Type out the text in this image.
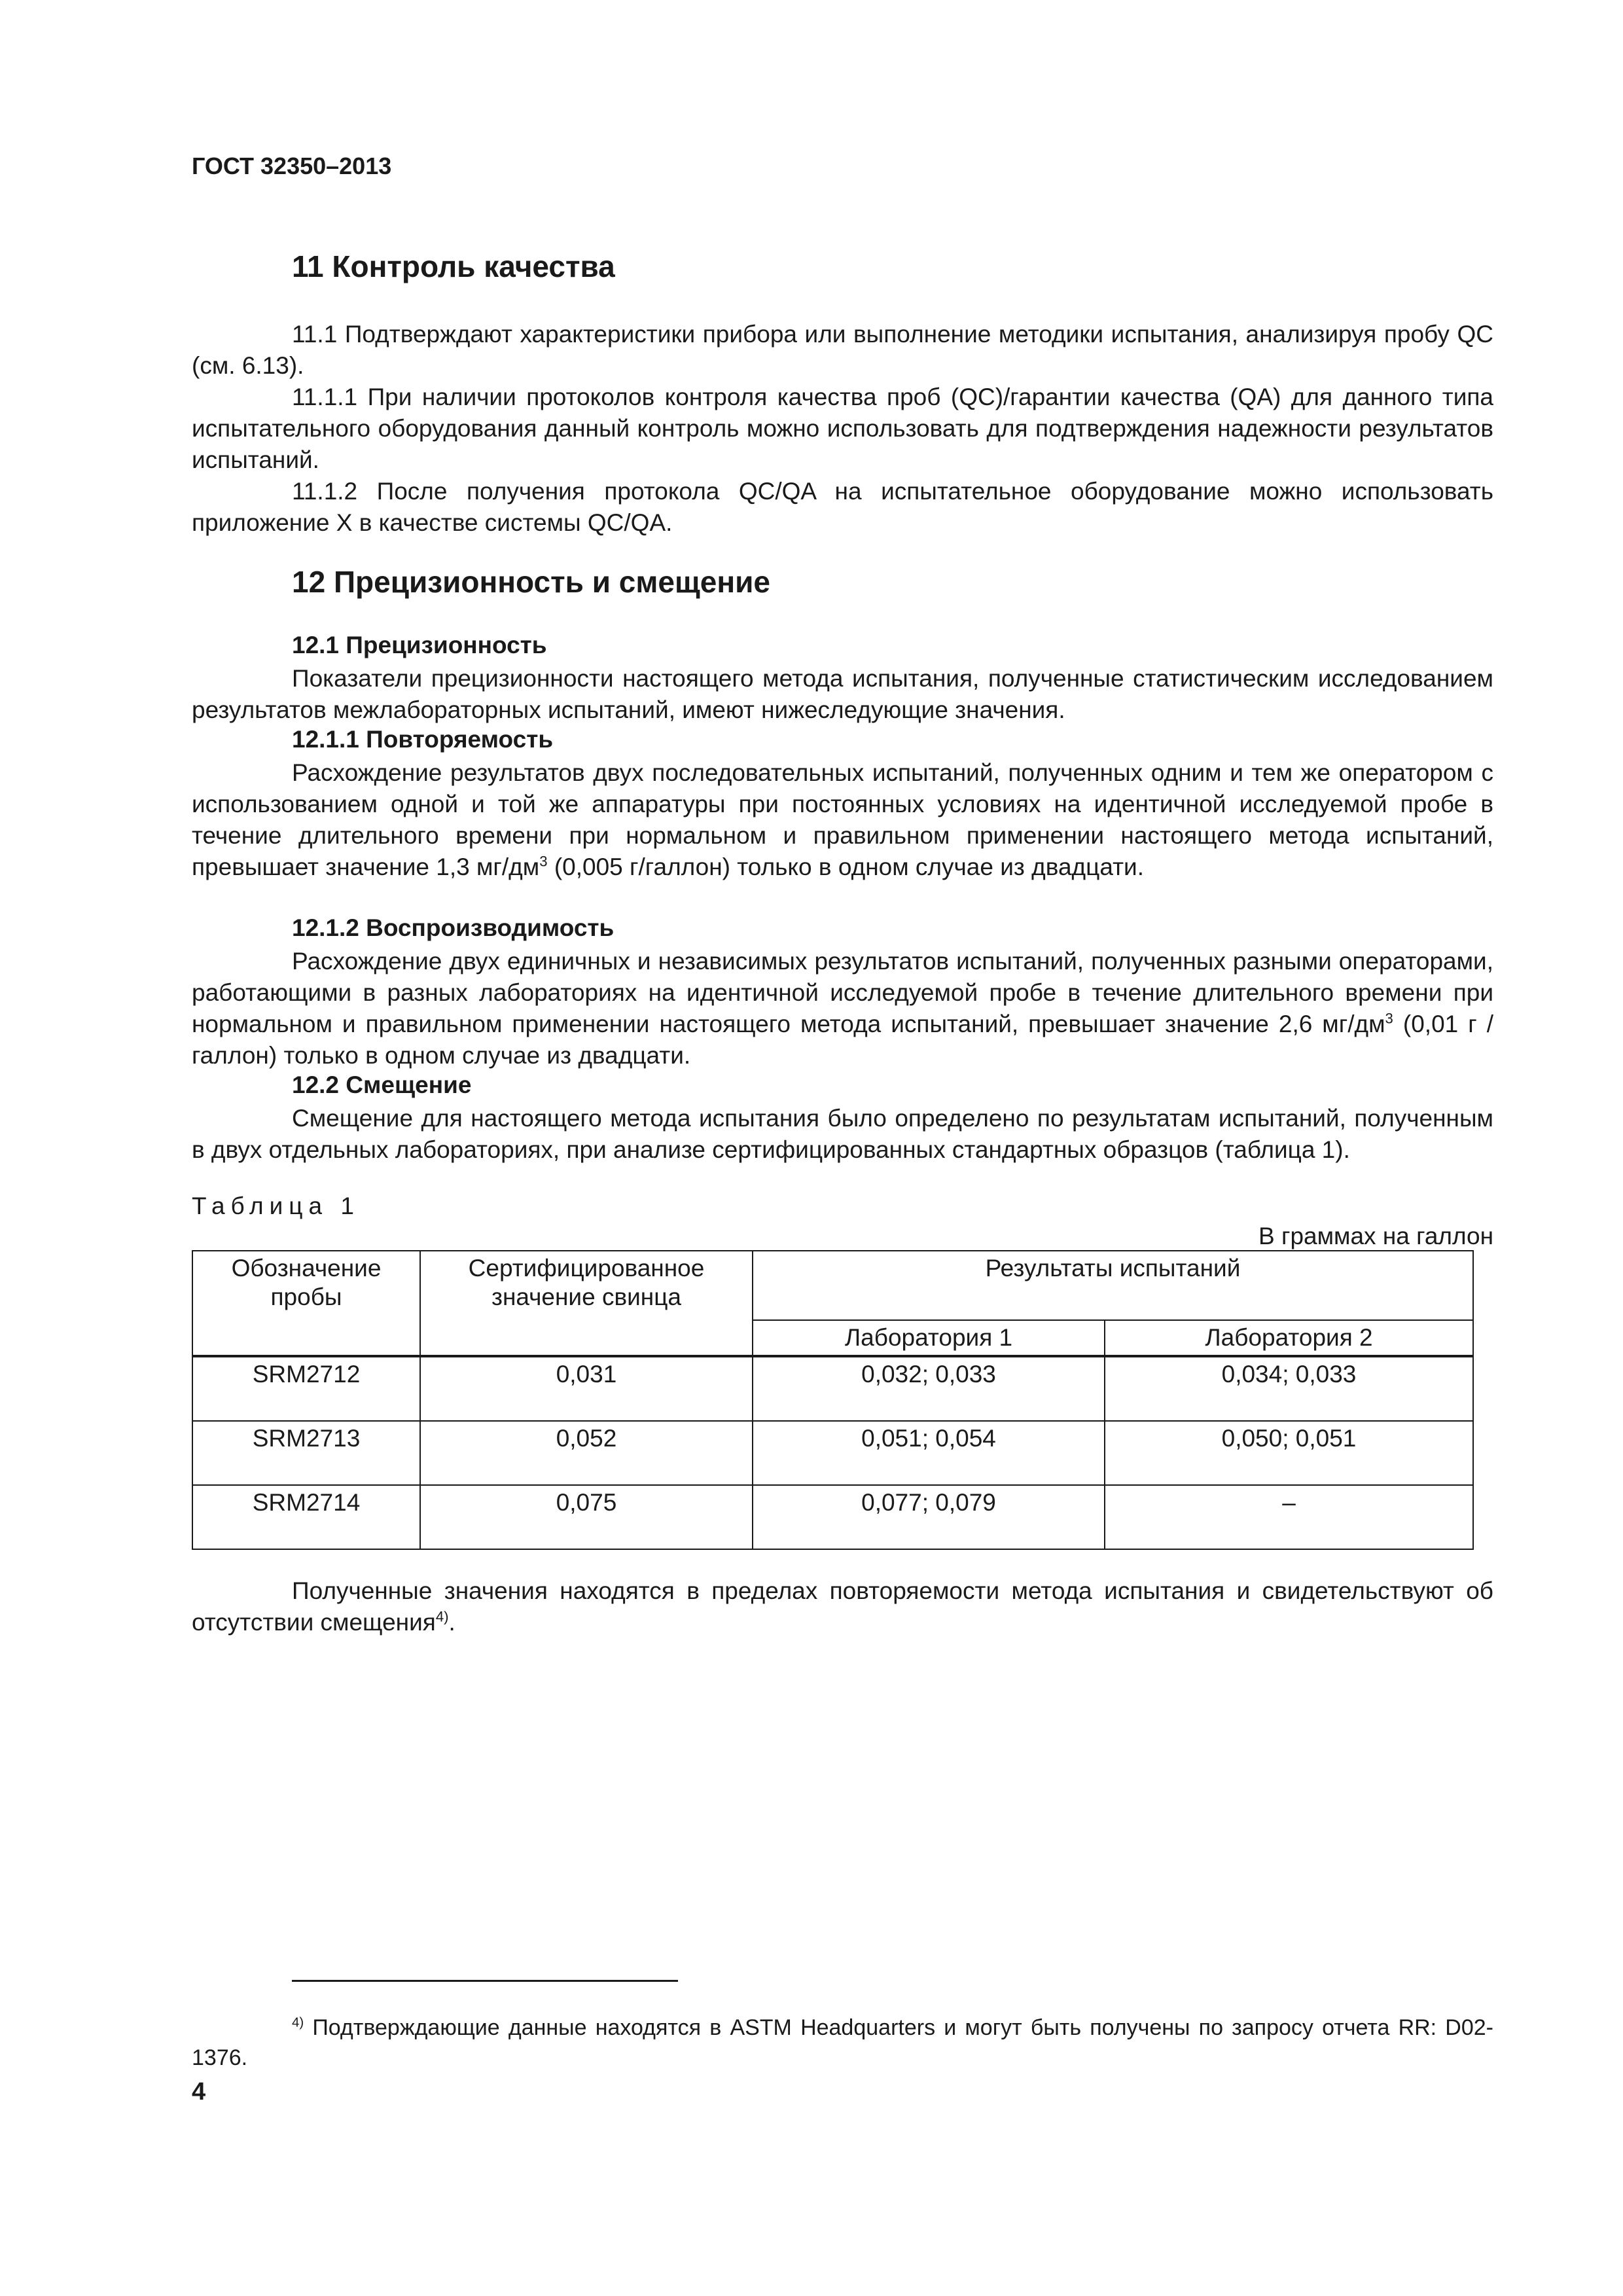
ГОСТ 32350–2013
11 Контроль качества
11.1 Подтверждают характеристики прибора или выполнение методики испытания, анализируя пробу QC (см. 6.13).
11.1.1 При наличии протоколов контроля качества проб (QC)/гарантии качества (QA) для данного типа испытательного оборудования данный контроль можно использовать для подтверждения надежности результатов испытаний.
11.1.2 После получения протокола QC/QA на испытательное оборудование можно использовать приложение Х в качестве системы QC/QA.
12 Прецизионность и смещение
12.1 Прецизионность
Показатели прецизионности настоящего метода испытания, полученные статистическим исследованием результатов межлабораторных испытаний, имеют нижеследующие значения.
12.1.1 Повторяемость
Расхождение результатов двух последовательных испытаний, полученных одним и тем же оператором с использованием одной и той же аппаратуры при постоянных условиях на идентичной исследуемой пробе в течение длительного времени при нормальном и правильном применении настоящего метода испытаний, превышает значение 1,3 $мг/дм^3$ (0,005 г/галлон) только в одном случае из двадцати.
12.1.2 Воспроизводимость
Расхождение двух единичных и независимых результатов испытаний, полученных разными операторами, работающими в разных лабораториях на идентичной исследуемой пробе в течение длительного времени при нормальном и правильном применении настоящего метода испытаний, превышает значение 2,6 $мг/дм^3$ (0,01 г /галлон) только в одном случае из двадцати.
12.2 Смещение
Смещение для настоящего метода испытания было определено по результатам испытаний, полученным в двух отдельных лабораториях, при анализе сертифицированных стандартных образцов (таблица 1).
Таблица 1
В граммах на галлон
Обозначение пробы	Сертифицированное значение свинца	Результаты испытаний	
		Лаборатория 1	Лаборатория 2
SRM2712	0,031	0,032; 0,033	0,034; 0,033
SRM2713	0,052	0,051; 0,054	0,050; 0,051
SRM2714	0,075	0,077; 0,079	–
Полученные значения находятся в пределах повторяемости метода испытания и свидетельствуют об отсутствии смещения$^{4)}$.
$^{4)}$ Подтверждающие данные находятся в ASTM Headquarters и могут быть получены по запросу отчета RR: D02-1376.
4
